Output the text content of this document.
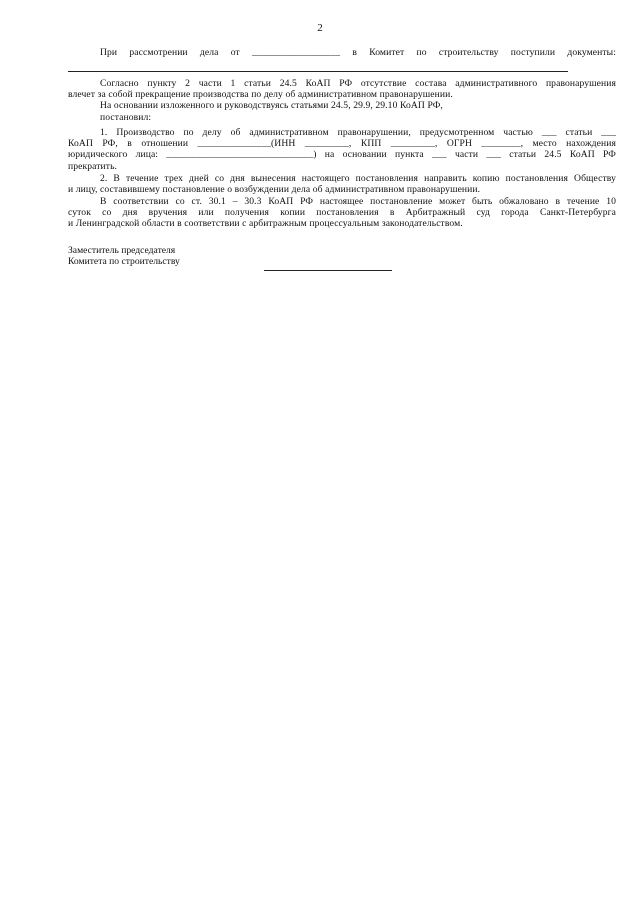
2
При рассмотрении дела от __________________ в Комитет по строительству поступили документы:
Согласно пункту 2 части 1 статьи 24.5 КоАП РФ отсутствие состава административного правонарушения
влечет за собой прекращение производства по делу об административном правонарушении.
На основании изложенного и руководствуясь статьями 24.5, 29.9, 29.10 КоАП РФ,
постановил:
1. Производство по делу об административном правонарушении, предусмотренном частью ___ статьи ___
КоАП РФ, в отношении _______________(ИНН _________, КПП _________, ОГРН ________, место нахождения
юридического лица: ______________________________) на основании пункта ___ части ___ статьи 24.5 КоАП РФ
прекратить.
2. В течение трех дней со дня вынесения настоящего постановления направить копию постановления Обществу
и лицу, составившему постановление о возбуждении дела об административном правонарушении.
В соответствии со ст. 30.1 – 30.3 КоАП РФ настоящее постановление может быть обжаловано в течение 10
суток со дня вручения или получения копии постановления в Арбитражный суд города Санкт-Петербурга
и Ленинградской области в соответствии с арбитражным процессуальным законодательством.
Заместитель председателя
Комитета по строительству
